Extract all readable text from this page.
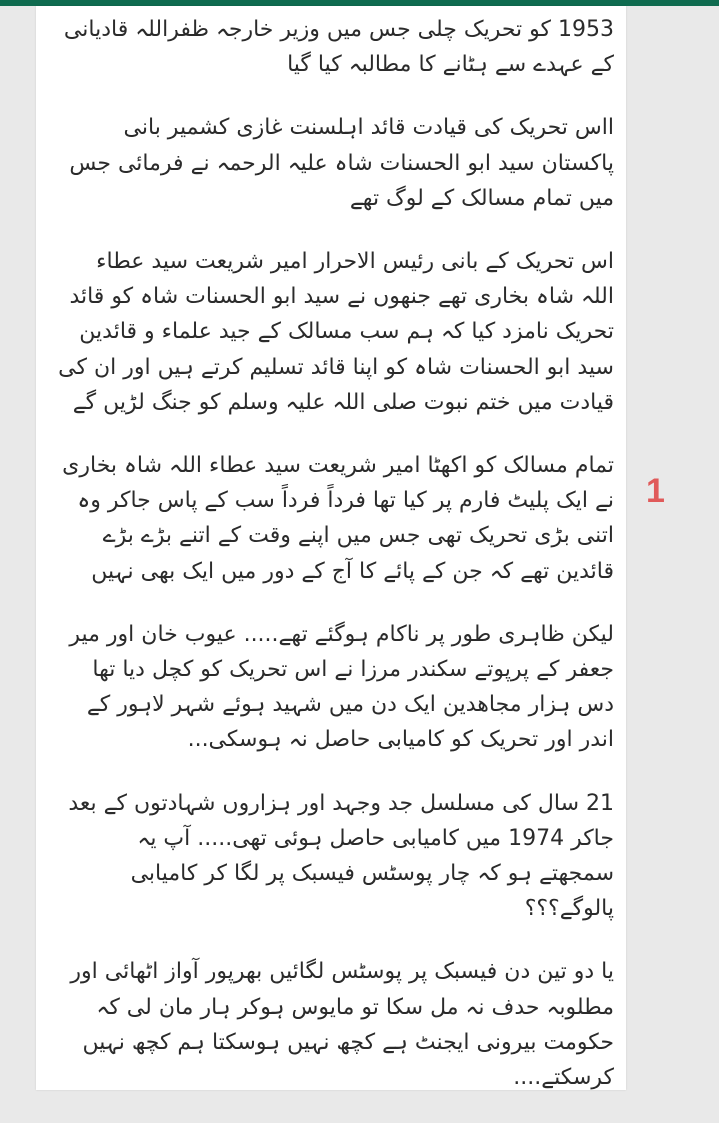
1953 کو تحریک چلی جس میں وزیر خارجہ ظفراللہ قادیانی کے عہدے سے ہٹانے کا مطالبہ کیا گیا

ااس تحریک کی قیادت قائد اہلسنت غازی کشمیر بانی پاکستان سید ابو الحسنات شاہ علیہ الرحمہ نے فرمائی جس میں تمام مسالک کے لوگ تھے

اس تحریک کے بانی رئیس الاحرار امیر شریعت سید عطاء اللہ شاہ بخاری تھے جنھوں نے سید ابو الحسنات شاہ کو قائد تحریک نامزد کیا کہ ہم سب مسالک کے جید علماء و قائدین سید ابو الحسنات شاہ کو اپنا قائد تسلیم کرتے ہیں اور ان کی قیادت میں ختم نبوت صلی اللہ علیہ وسلم کو جنگ لڑیں گے

تمام مسالک کو اکھٹا امیر شریعت سید عطاء اللہ شاہ بخاری نے ایک پلیٹ فارم پر کیا تھا فرداً فرداً سب کے پاس جاکر وہ اتنی بڑی تحریک تھی جس میں اپنے وقت کے اتنے بڑے بڑے قائدین تھے کہ جن کے پائے کا آج کے دور میں ایک بھی نہیں

لیکن ظاہری طور پر ناکام ہوگئے تھے..... عیوب خان اور میر جعفر کے پرپوتے سکندر مرزا نے اس تحریک کو کچل دیا تھا دس ہزار مجاھدین ایک دن میں شہید ہوئے شہر لاہور کے اندر اور تحریک کو کامیابی حاصل نہ ہوسکی...

21 سال کی مسلسل جد وجہد اور ہزاروں شہادتوں کے بعد جاکر 1974 میں کامیابی حاصل ہوئی تھی..... آپ یہ سمجھتے ہو کہ چار پوسٹس فیسبک پر لگا کر کامیابی پالوگے؟؟؟

یا دو تین دن فیسبک پر پوسٹس لگائیں بھرپور آواز اٹھائی اور مطلوبہ حدف نہ مل سکا تو مایوس ہوکر ہار مان لی کہ حکومت بیرونی ایجنٹ ہے کچھ نہیں ہوسکتا ہم کچھ نہیں کرسکتے....

1
